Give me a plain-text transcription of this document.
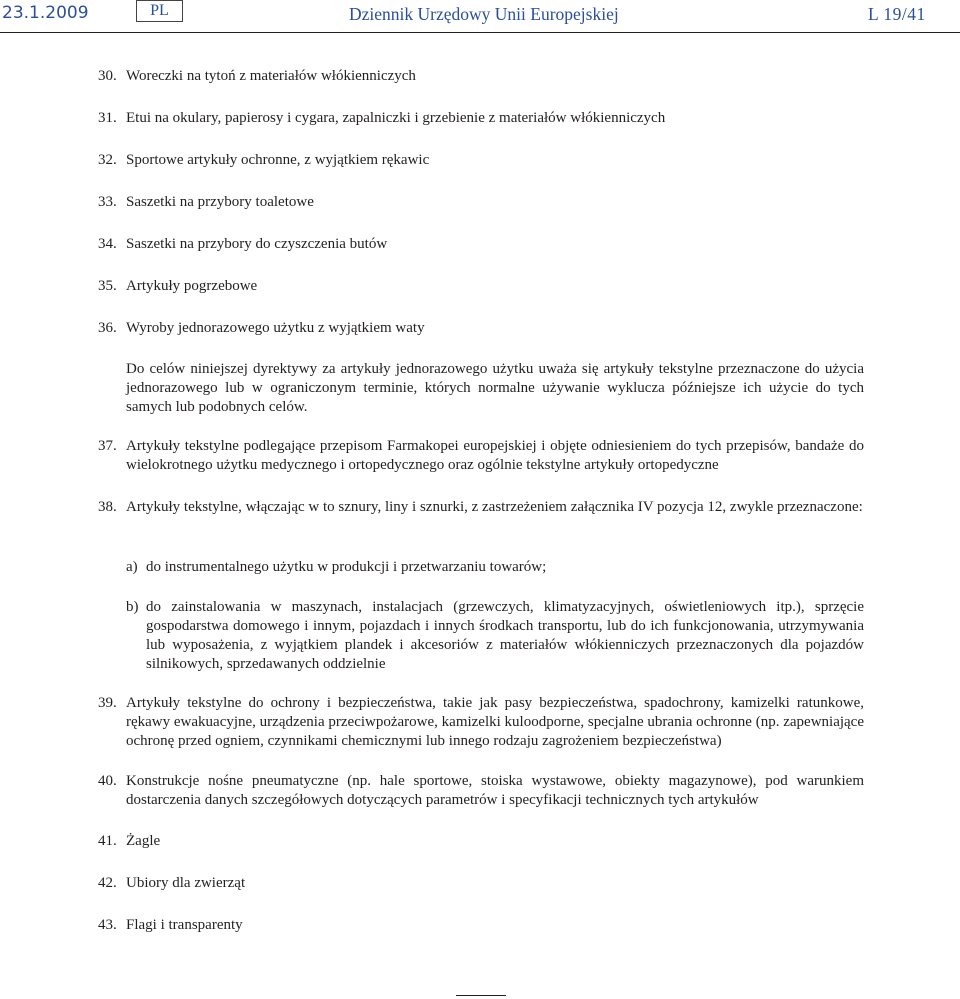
23.1.2009	PL	Dziennik Urzędowy Unii Europejskiej	L 19/41
30. Woreczki na tytoń z materiałów włókienniczych
31. Etui na okulary, papierosy i cygara, zapalniczki i grzebienie z materiałów włókienniczych
32. Sportowe artykuły ochronne, z wyjątkiem rękawic
33. Saszetki na przybory toaletowe
34. Saszetki na przybory do czyszczenia butów
35. Artykuły pogrzebowe
36. Wyroby jednorazowego użytku z wyjątkiem waty
Do celów niniejszej dyrektywy za artykuły jednorazowego użytku uważa się artykuły tekstylne przeznaczone do użycia jednorazowego lub w ograniczonym terminie, których normalne używanie wyklucza późniejsze ich użycie do tych samych lub podobnych celów.
37. Artykuły tekstylne podlegające przepisom Farmakopei europejskiej i objęte odniesieniem do tych przepisów, bandaże do wielokrotnego użytku medycznego i ortopedycznego oraz ogólnie tekstylne artykuły ortopedyczne
38. Artykuły tekstylne, włączając w to sznury, liny i sznurki, z zastrzeżeniem załącznika IV pozycja 12, zwykle przeznaczone:
a) do instrumentalnego użytku w produkcji i przetwarzaniu towarów;
b) do zainstalowania w maszynach, instalacjach (grzewczych, klimatyzacyjnych, oświetleniowych itp.), sprzęcie gospodarstwa domowego i innym, pojazdach i innych środkach transportu, lub do ich funkcjonowania, utrzymywania lub wyposażenia, z wyjątkiem plandek i akcesoriów z materiałów włókienniczych przeznaczonych dla pojazdów silnikowych, sprzedawanych oddzielnie
39. Artykuły tekstylne do ochrony i bezpieczeństwa, takie jak pasy bezpieczeństwa, spadochrony, kamizelki ratunkowe, rękawy ewakuacyjne, urządzenia przeciwpożarowe, kamizelki kuloodporne, specjalne ubrania ochronne (np. zapewniające ochronę przed ogniem, czynnikami chemicznymi lub innego rodzaju zagrożeniem bezpieczeństwa)
40. Konstrukcje nośne pneumatyczne (np. hale sportowe, stoiska wystawowe, obiekty magazynowe), pod warunkiem dostarczenia danych szczegółowych dotyczących parametrów i specyfikacji technicznych tych artykułów
41. Żagle
42. Ubiory dla zwierząt
43. Flagi i transparenty
